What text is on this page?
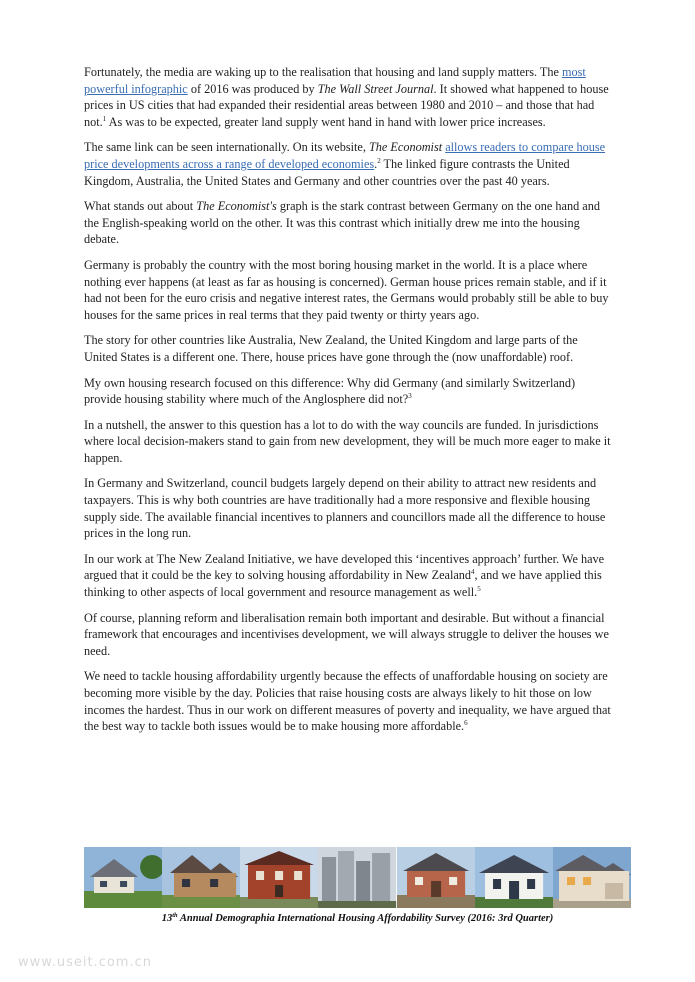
Fortunately, the media are waking up to the realisation that housing and land supply matters. The most powerful infographic of 2016 was produced by The Wall Street Journal. It showed what happened to house prices in US cities that had expanded their residential areas between 1980 and 2010 – and those that had not.$^1$ As was to be expected, greater land supply went hand in hand with lower price increases.

The same link can be seen internationally. On its website, The Economist allows readers to compare house price developments across a range of developed economies.$^2$ The linked figure contrasts the United Kingdom, Australia, the United States and Germany and other countries over the past 40 years.

What stands out about The Economist's graph is the stark contrast between Germany on the one hand and the English-speaking world on the other. It was this contrast which initially drew me into the housing debate.

Germany is probably the country with the most boring housing market in the world. It is a place where nothing ever happens (at least as far as housing is concerned). German house prices remain stable, and if it had not been for the euro crisis and negative interest rates, the Germans would probably still be able to buy houses for the same prices in real terms that they paid twenty or thirty years ago.

The story for other countries like Australia, New Zealand, the United Kingdom and large parts of the United States is a different one. There, house prices have gone through the (now unaffordable) roof.

My own housing research focused on this difference: Why did Germany (and similarly Switzerland) provide housing stability where much of the Anglosphere did not?$^3$

In a nutshell, the answer to this question has a lot to do with the way councils are funded. In jurisdictions where local decision-makers stand to gain from new development, they will be much more eager to make it happen.

In Germany and Switzerland, council budgets largely depend on their ability to attract new residents and taxpayers. This is why both countries are have traditionally had a more responsive and flexible housing supply side. The available financial incentives to planners and councillors made all the difference to house prices in the long run.

In our work at The New Zealand Initiative, we have developed this ‘incentives approach’ further. We have argued that it could be the key to solving housing affordability in New Zealand$^4$, and we have applied this thinking to other aspects of local government and resource management as well.$^5$

Of course, planning reform and liberalisation remain both important and desirable. But without a financial framework that encourages and incentivises development, we will always struggle to deliver the houses we need.

We need to tackle housing affordability urgently because the effects of unaffordable housing on society are becoming more visible by the day. Policies that raise housing costs are always likely to hit those on low incomes the hardest. Thus in our work on different measures of poverty and inequality, we have argued that the best way to tackle both issues would be to make housing more affordable.$^6$

13th Annual Demographia International Housing Affordability Survey (2016: 3rd Quarter)
www.useit.com.cn
